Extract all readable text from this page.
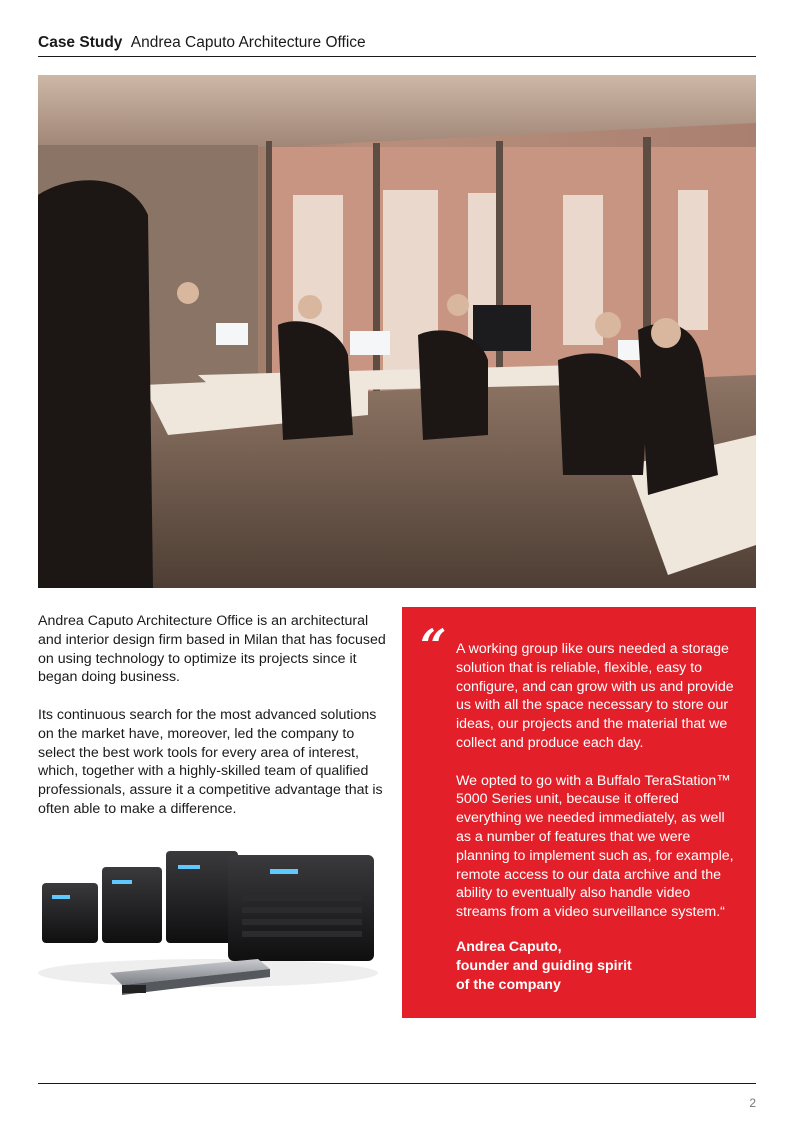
Case Study Andrea Caputo Architecture Office

Andrea Caputo Architecture Office is an architectural and interior design firm based in Milan that has focused on using technology to optimize its projects since it began doing business.

Its continuous search for the most advanced solutions on the market have, moreover, led the company to select the best work tools for every area of interest, which, together with a highly-skilled team of qualified professionals, assure it a competitive advantage that is often able to make a difference.

“ A working group like ours needed a storage solution that is reliable, flexible, easy to configure, and can grow with us and provide us with all the space necessary to store our ideas, our projects and the material that we collect and produce each day.

We opted to go with a Buffalo TeraStation™ 5000 Series unit, because it offered everything we needed immediately, as well as a number of features that we were planning to implement such as, for example, remote access to our data archive and the ability to eventually also handle video streams from a video surveillance system.“

Andrea Caputo,
founder and guiding spirit
of the company
2
